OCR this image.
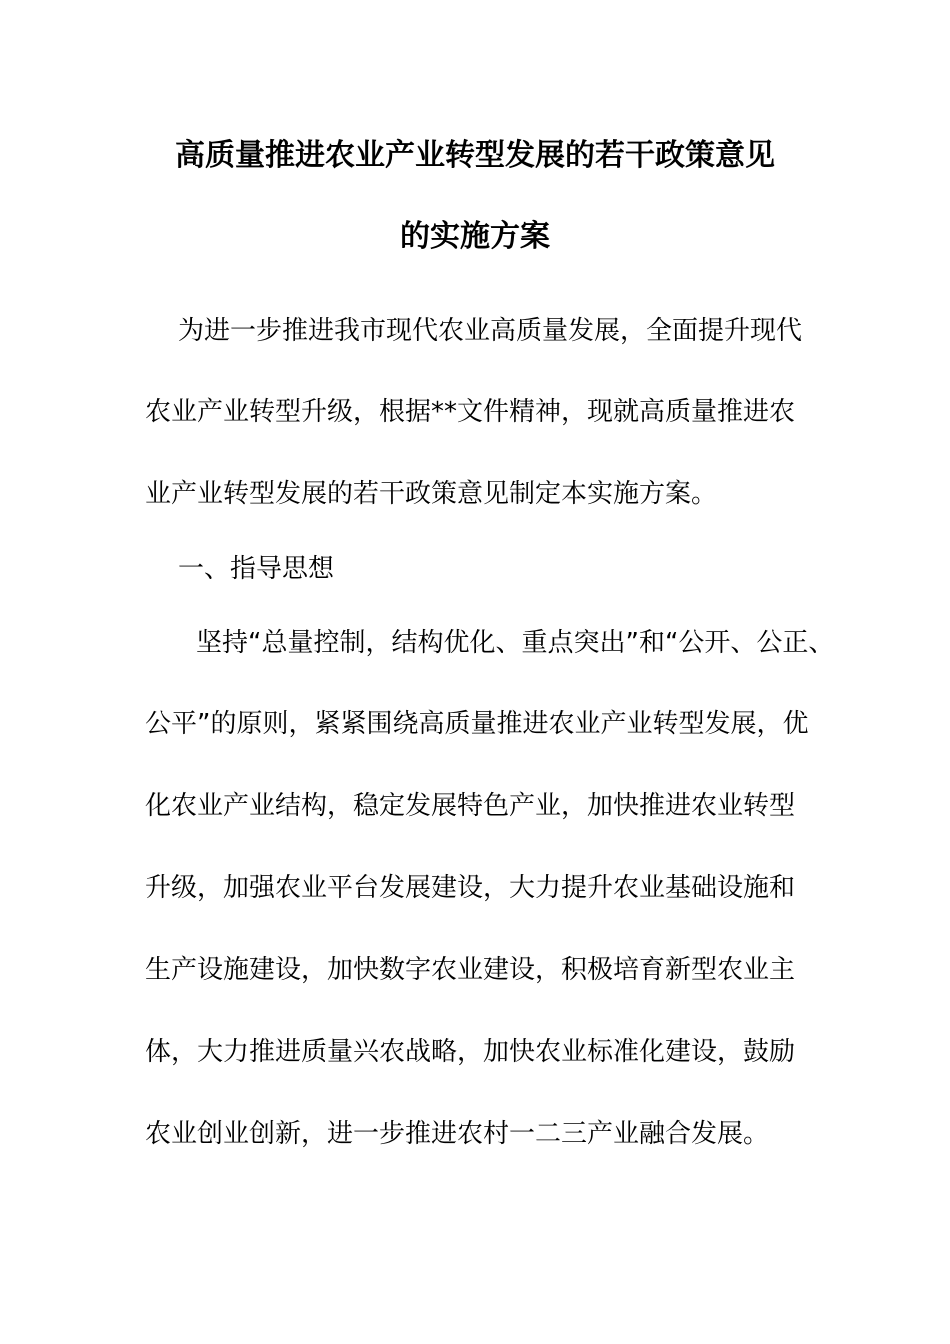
高质量推进农业产业转型发展的若干政策意见
的实施方案
为进一步推进我市现代农业高质量发展，全面提升现代
农业产业转型升级，根据**文件精神，现就高质量推进农
业产业转型发展的若干政策意见制定本实施方案。
一、指导思想
坚持“总量控制，结构优化、重点突出”和“公开、公正、
公平”的原则，紧紧围绕高质量推进农业产业转型发展，优
化农业产业结构，稳定发展特色产业，加快推进农业转型
升级，加强农业平台发展建设，大力提升农业基础设施和
生产设施建设，加快数字农业建设，积极培育新型农业主
体，大力推进质量兴农战略，加快农业标准化建设，鼓励
农业创业创新，进一步推进农村一二三产业融合发展。
